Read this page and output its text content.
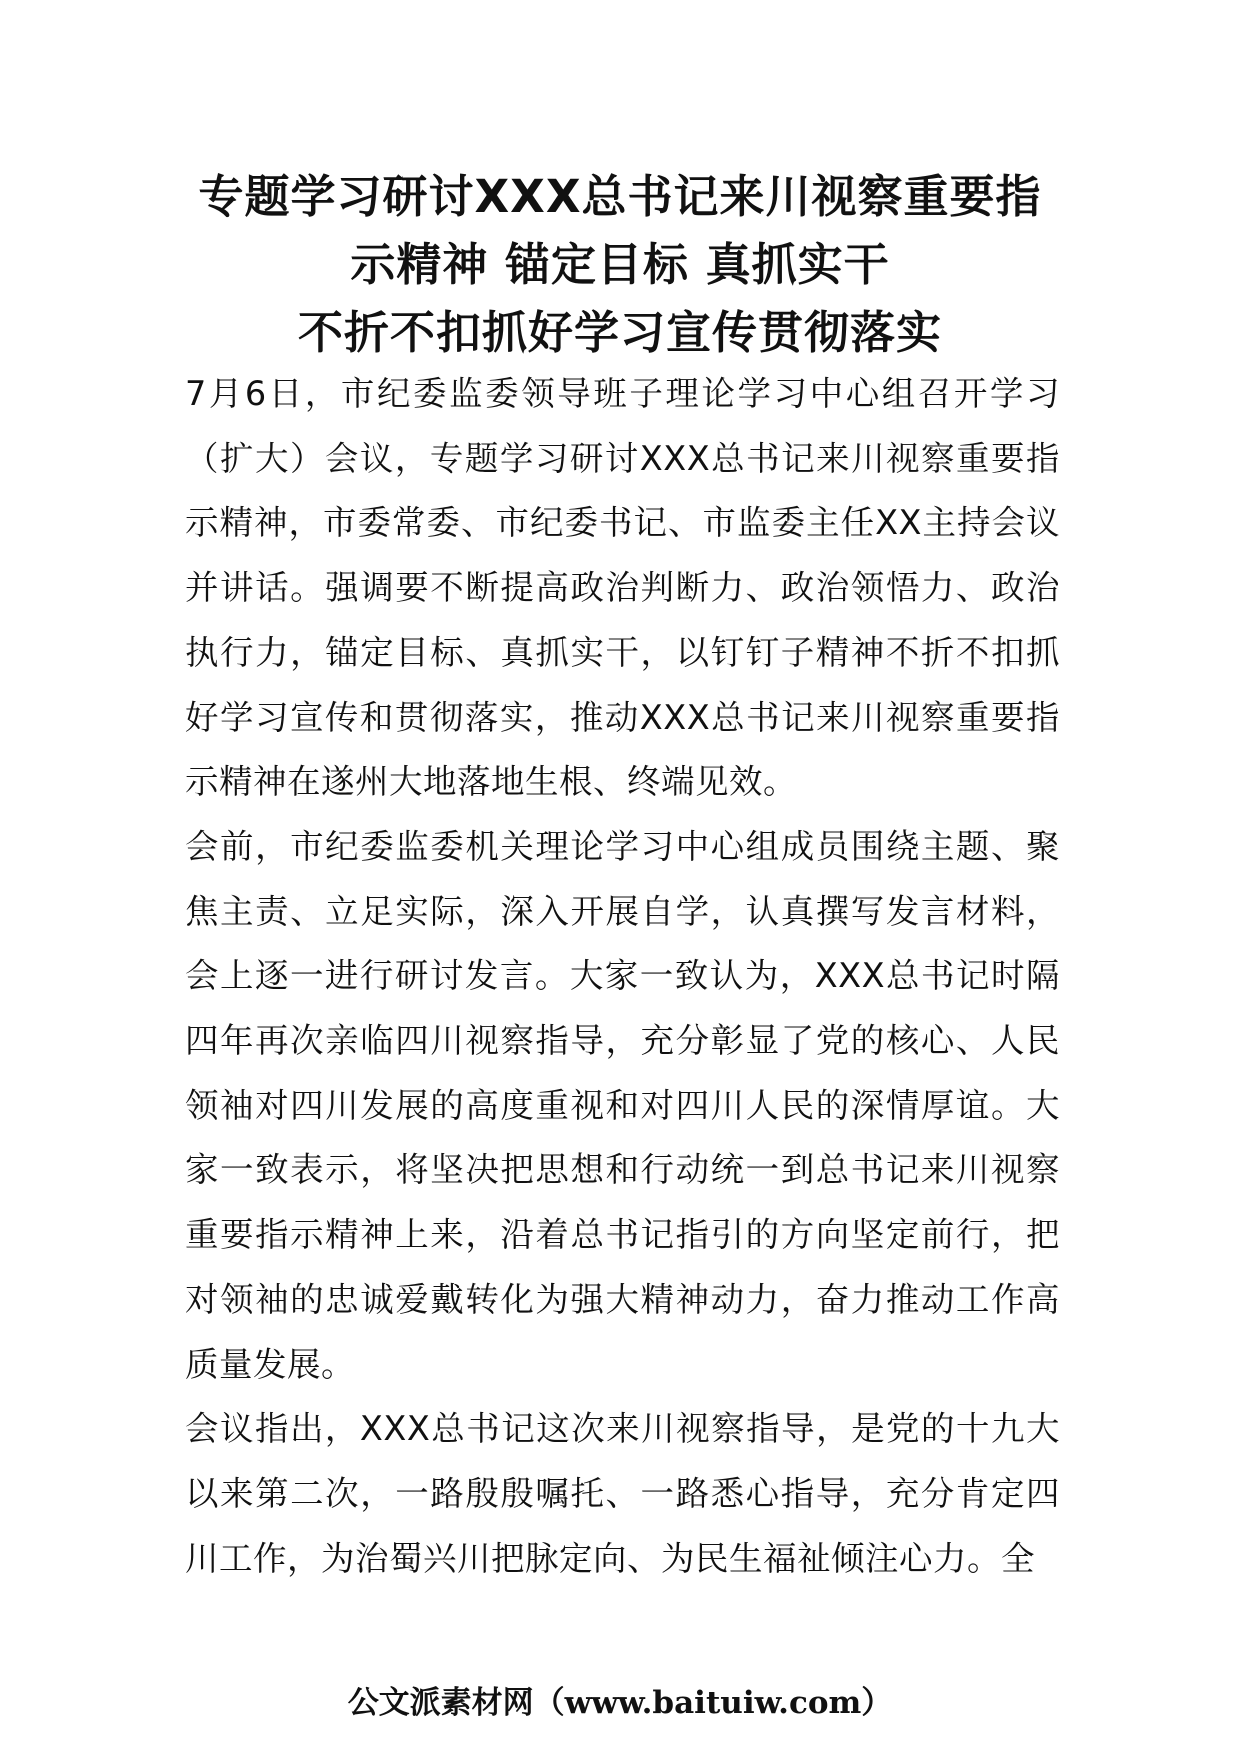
专题学习研讨XXX总书记来川视察重要指
示精神 锚定目标 真抓实干
不折不扣抓好学习宣传贯彻落实

7月6日，市纪委监委领导班子理论学习中心组召开学习（扩大）会议，专题学习研讨XXX总书记来川视察重要指示精神，市委常委、市纪委书记、市监委主任XX主持会议并讲话。强调要不断提高政治判断力、政治领悟力、政治执行力，锚定目标、真抓实干，以钉钉子精神不折不扣抓好学习宣传和贯彻落实，推动XXX总书记来川视察重要指示精神在遂州大地落地生根、终端见效。

会前，市纪委监委机关理论学习中心组成员围绕主题、聚焦主责、立足实际，深入开展自学，认真撰写发言材料，会上逐一进行研讨发言。大家一致认为，XXX总书记时隔四年再次亲临四川视察指导，充分彰显了党的核心、人民领袖对四川发展的高度重视和对四川人民的深情厚谊。大家一致表示，将坚决把思想和行动统一到总书记来川视察重要指示精神上来，沿着总书记指引的方向坚定前行，把对领袖的忠诚爱戴转化为强大精神动力，奋力推动工作高质量发展。

会议指出，XXX总书记这次来川视察指导，是党的十九大以来第二次，一路殷殷嘱托、一路悉心指导，充分肯定四川工作，为治蜀兴川把脉定向、为民生福祉倾注心力。全

公文派素材网（www.baituiw.com）
